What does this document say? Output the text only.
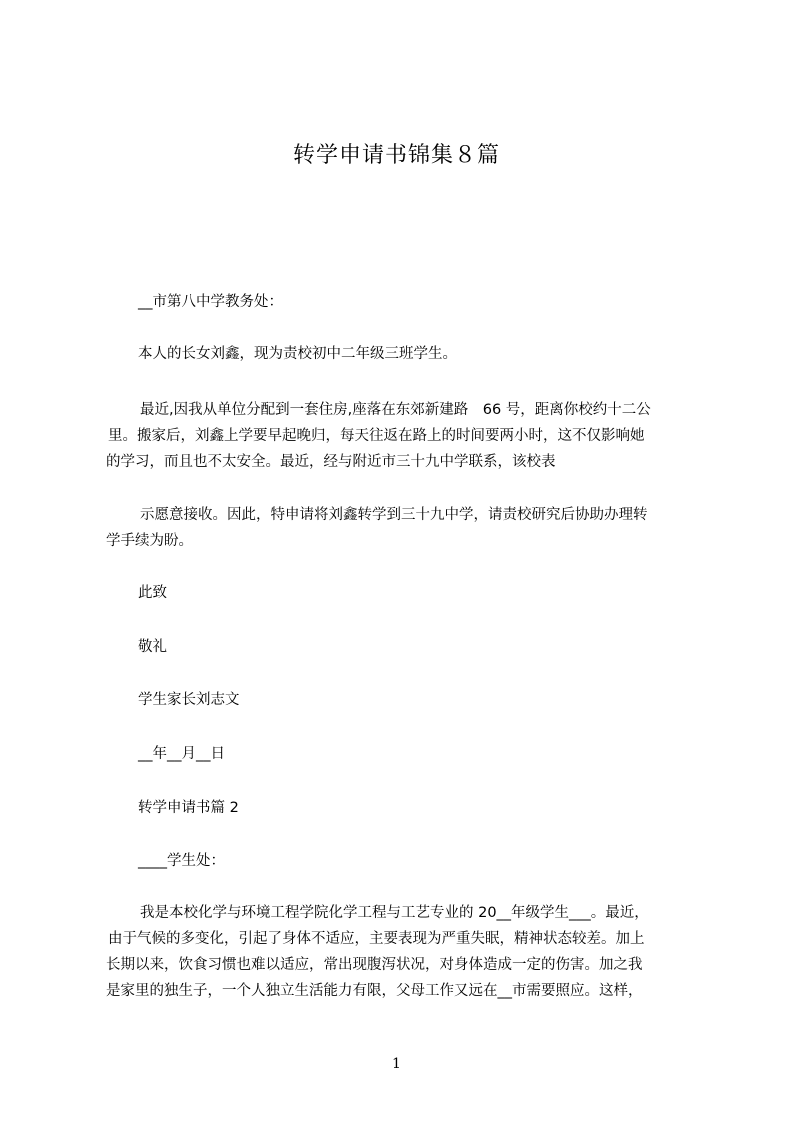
转学申请书锦集８篇
__市第八中学教务处：
本人的长女刘鑫，现为责校初中二年级三班学生。
最近,因我从单位分配到一套住房,座落在东郊新建路　66 号，距离你校约十二公
里。搬家后，刘鑫上学要早起晚归，每天往返在路上的时间要两小时，这不仅影响她
的学习，而且也不太安全。最近，经与附近市三十九中学联系，该校表
示愿意接收。因此，特申请将刘鑫转学到三十九中学，请责校研究后协助办理转
学手续为盼。
此致
敬礼
学生家长刘志文
__年__月__日
转学申请书篇 2
____学生处：
我是本校化学与环境工程学院化学工程与工艺专业的 20__年级学生___。最近，
由于气候的多变化，引起了身体不适应，主要表现为严重失眠，精神状态较差。加上
长期以来，饮食习惯也难以适应，常出现腹泻状况，对身体造成一定的伤害。加之我
是家里的独生子，一个人独立生活能力有限，父母工作又远在__市需要照应。这样，
1
